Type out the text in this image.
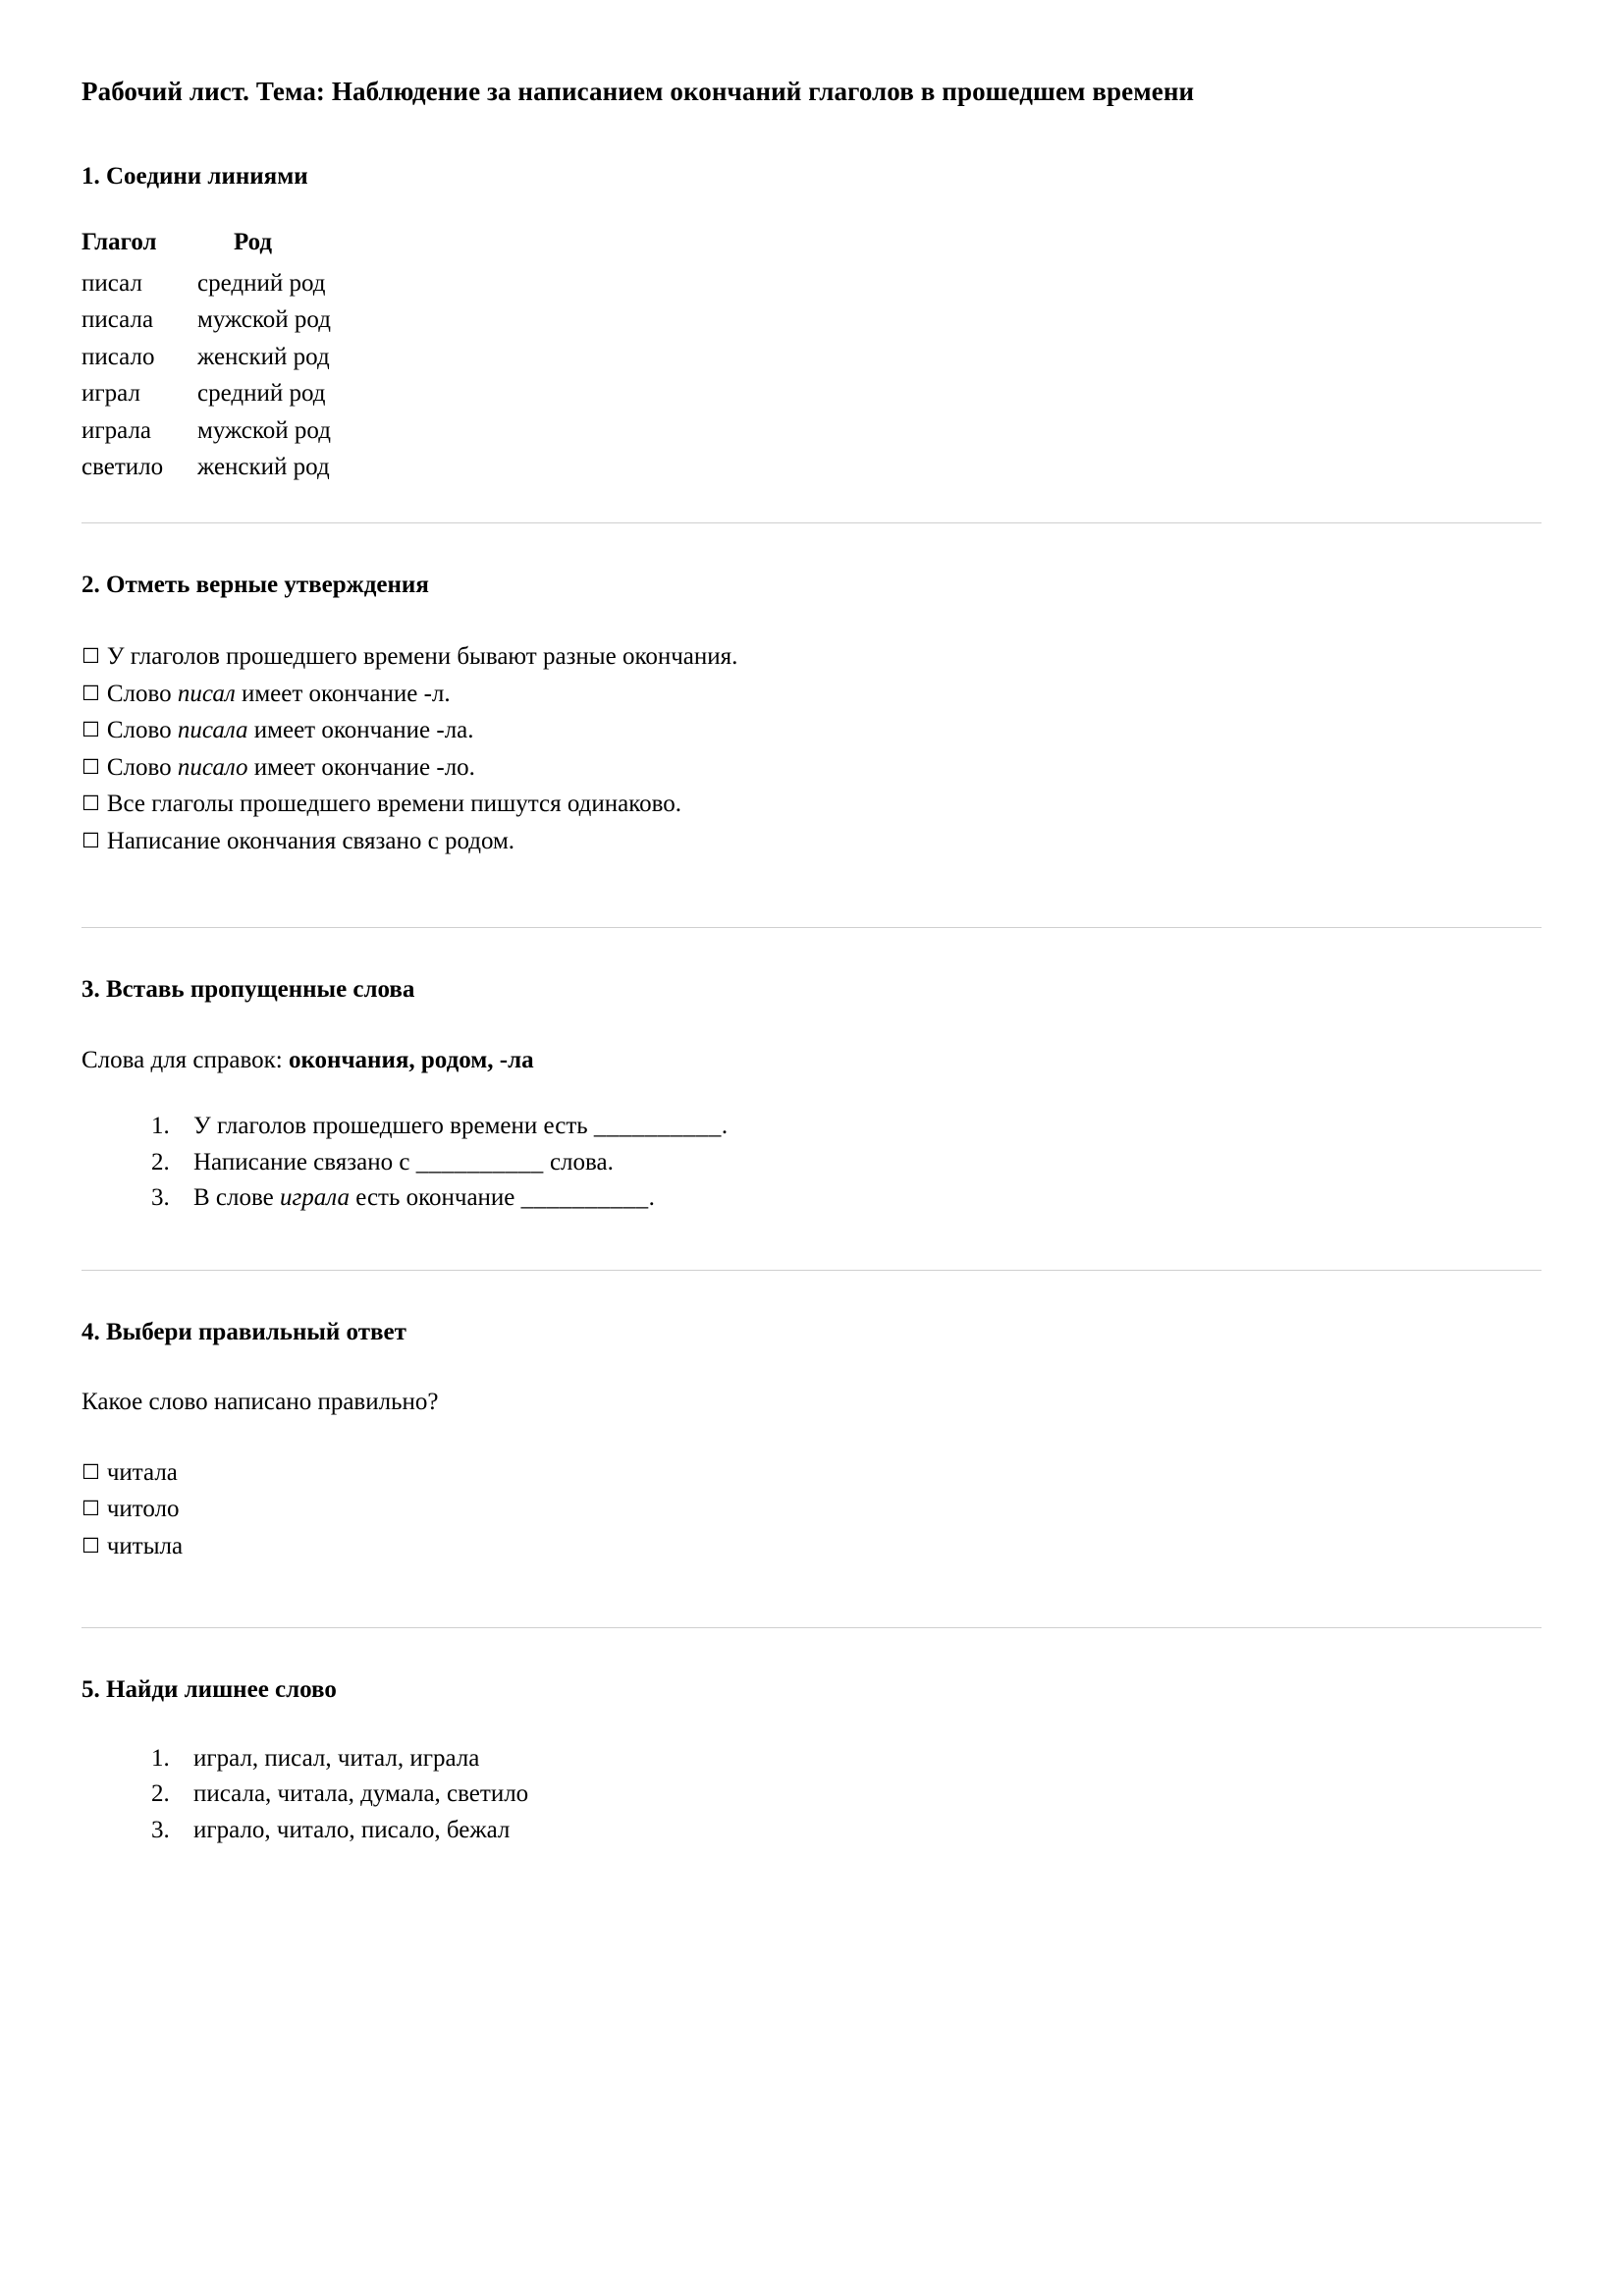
Рабочий лист. Тема: Наблюдение за написанием окончаний глаголов в прошедшем времени
1. Соедини линиями
Глагол	Род
писал	средний род
писала	мужской род
писало	женский род
играл	средний род
играла	мужской род
светило	женский род
2. Отметь верные утверждения
☐ У глаголов прошедшего времени бывают разные окончания.
☐ Слово писал имеет окончание -л.
☐ Слово писала имеет окончание -ла.
☐ Слово писало имеет окончание -ло.
☐ Все глаголы прошедшего времени пишутся одинаково.
☐ Написание окончания связано с родом.
3. Вставь пропущенные слова

Слова для справок: окончания, родом, -ла

1. У глаголов прошедшего времени есть __________.
2. Написание связано с __________ слова.
3. В слове играла есть окончание __________.
4. Выбери правильный ответ

Какое слово написано правильно?

☐ читала
☐ читоло
☐ читыла
5. Найди лишнее слово
1. играл, писал, читал, играла
2. писала, читала, думала, светило
3. играло, читало, писало, бежал
